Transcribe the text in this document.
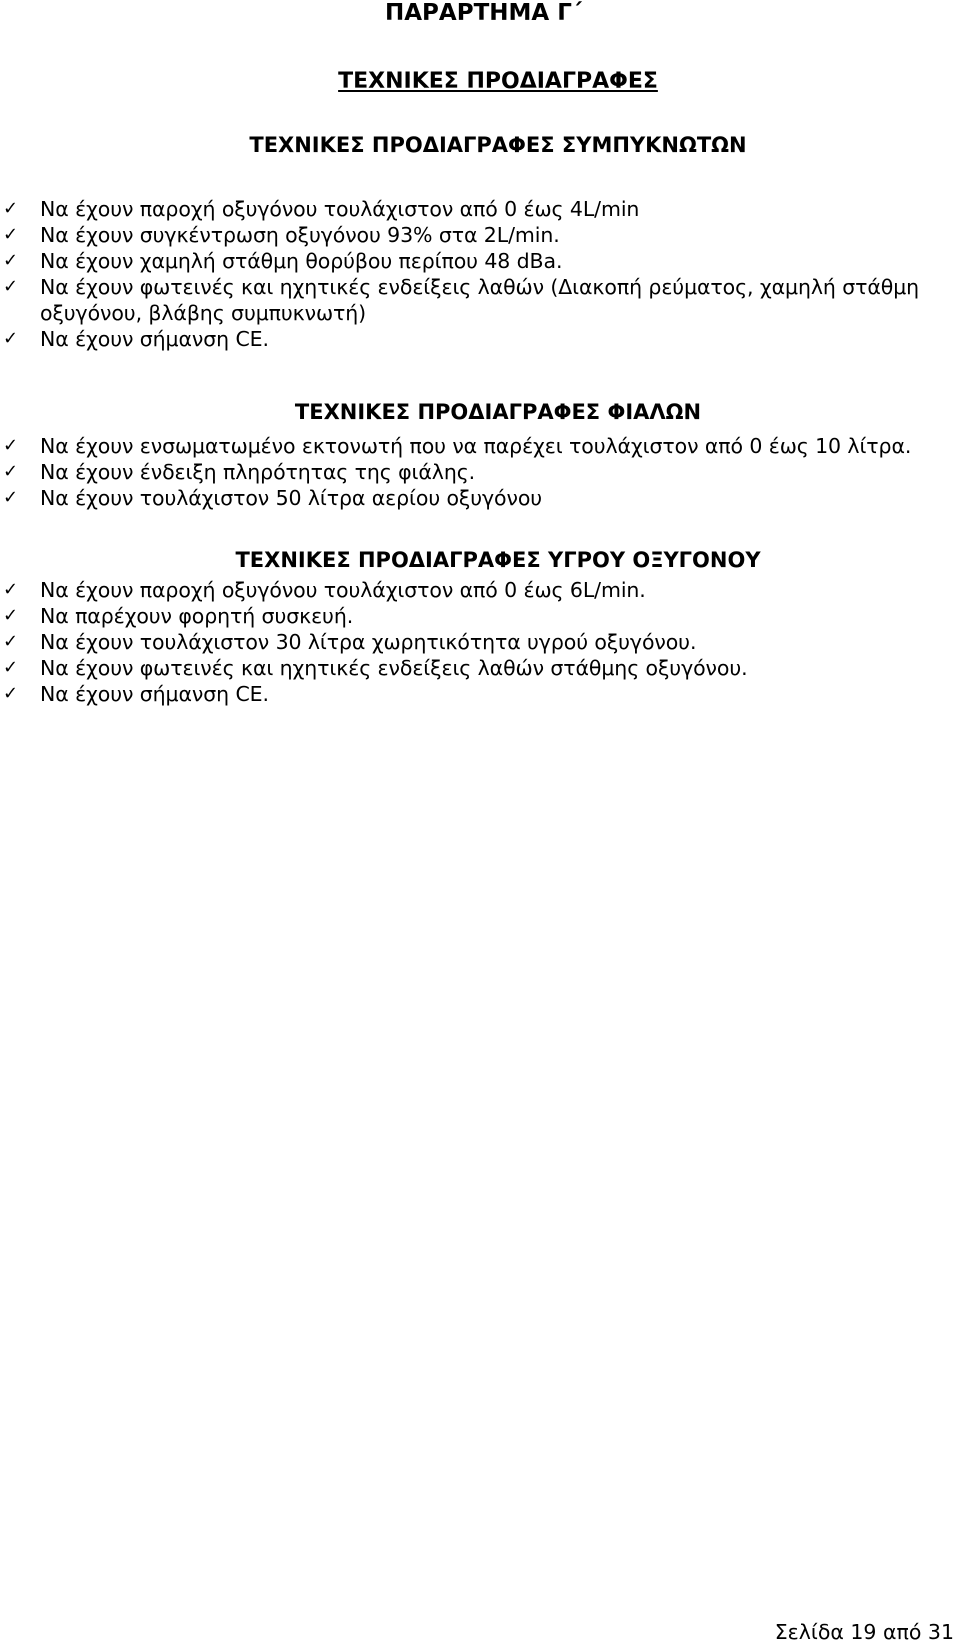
ΠΑΡΑΡΤΗΜΑ Γ΄
ΤΕΧΝΙΚΕΣ ΠΡΟΔΙΑΓΡΑΦΕΣ
ΤΕΧΝΙΚΕΣ ΠΡΟΔΙΑΓΡΑΦΕΣ ΣΥΜΠΥΚΝΩΤΩΝ
✓ Να έχουν παροχή οξυγόνου τουλάχιστον από 0 έως 4L/min
✓ Να έχουν συγκέντρωση οξυγόνου 93% στα 2L/min.
✓ Να έχουν χαμηλή στάθμη θορύβου περίπου 48 dBa.
✓ Να έχουν φωτεινές και ηχητικές ενδείξεις λαθών (Διακοπή ρεύματος, χαμηλή στάθμη
οξυγόνου, βλάβης συμπυκνωτή)
✓ Να έχουν σήμανση CE.
ΤΕΧΝΙΚΕΣ ΠΡΟΔΙΑΓΡΑΦΕΣ ΦΙΑΛΩΝ
✓ Να έχουν ενσωματωμένο εκτονωτή που να παρέχει τουλάχιστον από 0 έως 10 λίτρα.
✓ Να έχουν ένδειξη πληρότητας της φιάλης.
✓ Να έχουν τουλάχιστον 50 λίτρα αερίου οξυγόνου
ΤΕΧΝΙΚΕΣ ΠΡΟΔΙΑΓΡΑΦΕΣ ΥΓΡΟΥ ΟΞΥΓΟΝΟΥ
✓ Να έχουν παροχή οξυγόνου τουλάχιστον από 0 έως 6L/min.
✓ Να παρέχουν φορητή συσκευή.
✓ Να έχουν τουλάχιστον 30 λίτρα χωρητικότητα υγρού οξυγόνου.
✓ Να έχουν φωτεινές και ηχητικές ενδείξεις λαθών στάθμης οξυγόνου.
✓ Να έχουν σήμανση CE.
Σελίδα 19 από 31
